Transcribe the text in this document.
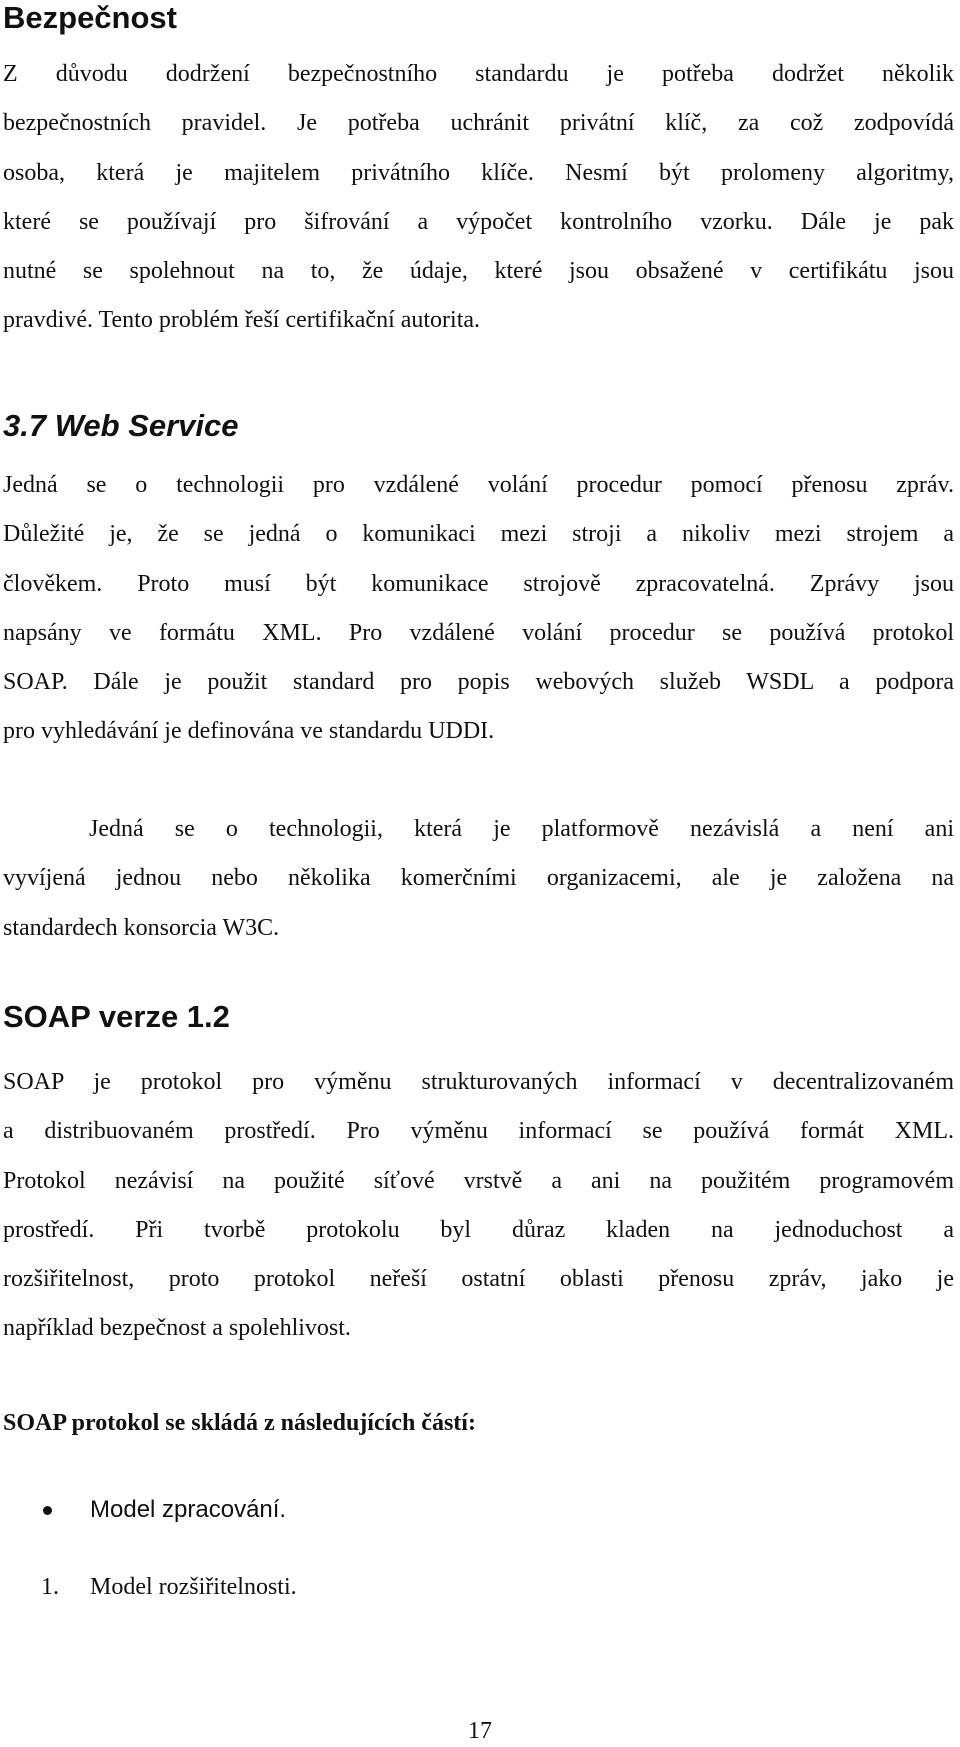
Bezpečnost
Z důvodu dodržení bezpečnostního standardu je potřeba dodržet několik
bezpečnostních pravidel. Je potřeba uchránit privátní klíč, za což zodpovídá
osoba, která je majitelem privátního klíče. Nesmí být prolomeny algoritmy,
které se používají pro šifrování a výpočet kontrolního vzorku. Dále je pak
nutné se spolehnout na to, že údaje, které jsou obsažené v certifikátu jsou
pravdivé. Tento problém řeší certifikační autorita.
3.7 Web Service
Jedná se o technologii pro vzdálené volání procedur pomocí přenosu zpráv.
Důležité je, že se jedná o komunikaci mezi stroji a nikoliv mezi strojem a
člověkem. Proto musí být komunikace strojově zpracovatelná. Zprávy jsou
napsány ve formátu XML. Pro vzdálené volání procedur se používá protokol
SOAP. Dále je použit standard pro popis webových služeb WSDL a podpora
pro vyhledávání je definována ve standardu UDDI.
Jedná se o technologii, která je platformově nezávislá a není ani
vyvíjená jednou nebo několika komerčními organizacemi, ale je založena na
standardech konsorcia W3C.
SOAP verze 1.2
SOAP je protokol pro výměnu strukturovaných informací v decentralizovaném
a distribuovaném prostředí. Pro výměnu informací se používá formát XML.
Protokol nezávisí na použité síťové vrstvě a ani na použitém programovém
prostředí. Při tvorbě protokolu byl důraz kladen na jednoduchost a
rozšiřitelnost, proto protokol neřeší ostatní oblasti přenosu zpráv, jako je
například bezpečnost a spolehlivost.

SOAP protokol se skládá z následujících částí:

Model zpracování.
1. Model rozšiřitelnosti.
17
